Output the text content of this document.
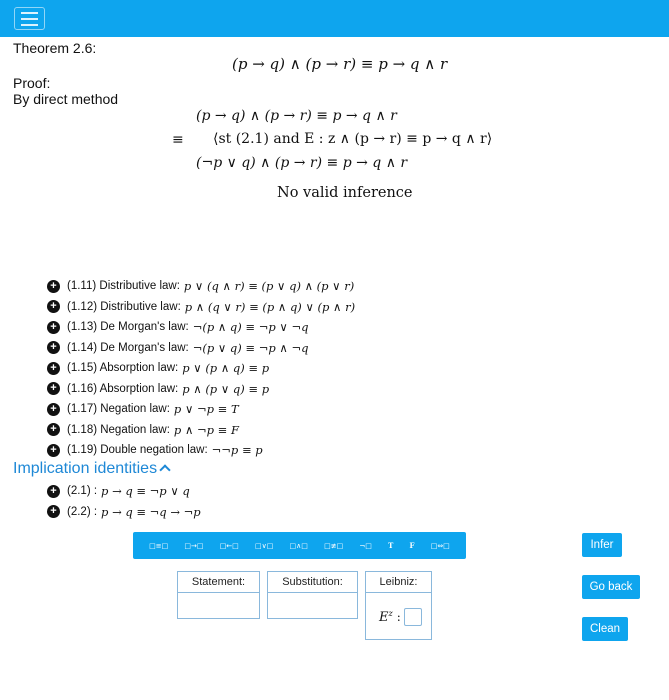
Theorem 2.6:
(p → q) ∧ (p → r) ≡ p → q ∧ r
Proof:
By direct method
(p → q) ∧ (p → r) ≡ p → q ∧ r
≡ ⟨st (2.1) and E : z ∧ (p → r) ≡ p → q ∧ r⟩
(¬p ∨ q) ∧ (p → r) ≡ p → q ∧ r
No valid inference
+ (1.11) Distributive law: p ∨ (q ∧ r) ≡ (p ∨ q) ∧ (p ∨ r)
+ (1.12) Distributive law: p ∧ (q ∨ r) ≡ (p ∧ q) ∨ (p ∧ r)
+ (1.13) De Morgan's law: ¬(p ∧ q) ≡ ¬p ∨ ¬q
+ (1.14) De Morgan's law: ¬(p ∨ q) ≡ ¬p ∧ ¬q
+ (1.15) Absorption law: p ∨ (p ∧ q) ≡ p
+ (1.16) Absorption law: p ∧ (p ∨ q) ≡ p
+ (1.17) Negation law: p ∨ ¬p ≡ T
+ (1.18) Negation law: p ∧ ¬p ≡ F
+ (1.19) Double negation law: ¬¬p ≡ p
Implication identities
+ (2.1) : p → q ≡ ¬p ∨ q
+ (2.2) : p → q ≡ ¬q → ¬p
□≡□ □→□ □←□ □∨□ □∧□ □≢□ ¬□ T F □⇔□
Statement:	Substitution:	Leibniz:
$E^z$ :
Infer
Go back
Clean
